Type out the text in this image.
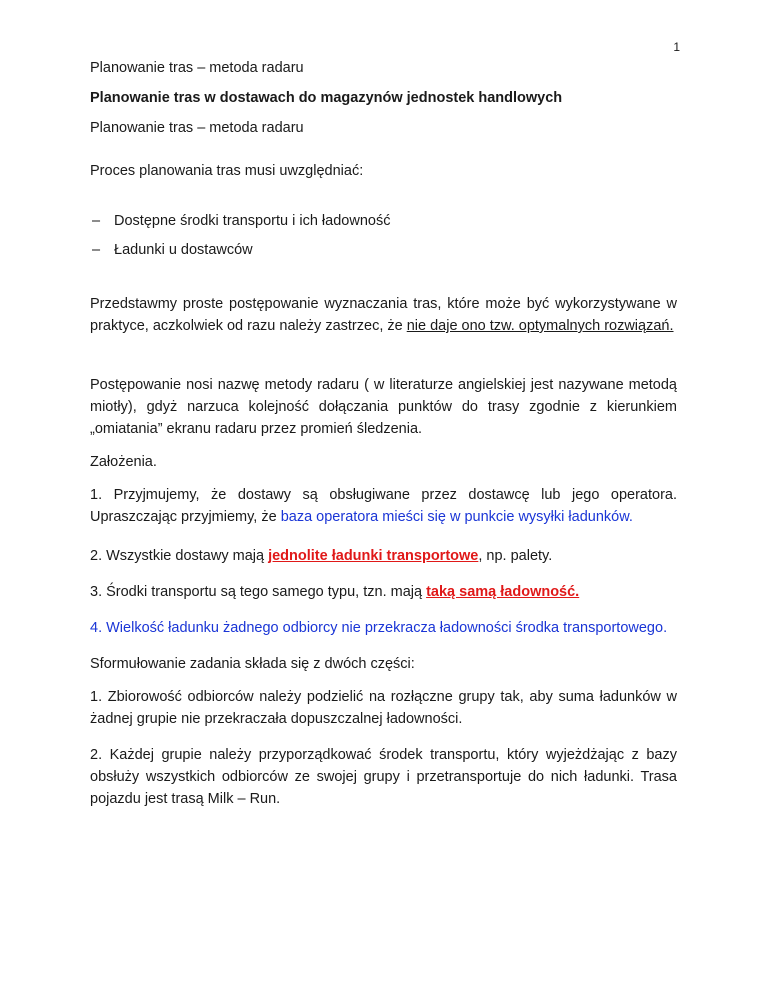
1

Planowanie tras – metoda radaru

Planowanie tras w dostawach do magazynów jednostek handlowych

Planowanie tras – metoda radaru

Proces planowania tras musi uwzględniać:

– Dostępne środki transportu i ich ładowność
– Ładunki u dostawców

Przedstawmy proste postępowanie wyznaczania tras, które może być wykorzystywane w praktyce, aczkolwiek od razu należy zastrzec, że nie daje ono tzw. optymalnych rozwiązań.

Postępowanie nosi nazwę metody radaru ( w literaturze angielskiej jest nazywane metodą miotły), gdyż narzuca kolejność dołączania punktów do trasy zgodnie z kierunkiem „omiatania” ekranu radaru przez promień śledzenia.

Założenia.

1. Przyjmujemy, że dostawy są obsługiwane przez dostawcę lub jego operatora. Upraszczając przyjmiemy, że baza operatora mieści się w punkcie wysyłki ładunków.

2. Wszystkie dostawy mają jednolite ładunki transportowe, np. palety.

3. Środki transportu są tego samego typu, tzn. mają taką samą ładowność.

4. Wielkość ładunku żadnego odbiorcy nie przekracza ładowności środka transportowego.

Sformułowanie zadania składa się z dwóch części:

1. Zbiorowość odbiorców należy podzielić na rozłączne grupy tak, aby suma ładunków w żadnej grupie nie przekraczała dopuszczalnej ładowności.

2. Każdej grupie należy przyporządkować środek transportu, który wyjeżdżając z bazy obsłuży wszystkich odbiorców ze swojej grupy i przetransportuje do nich ładunki. Trasa pojazdu jest trasą Milk – Run.
